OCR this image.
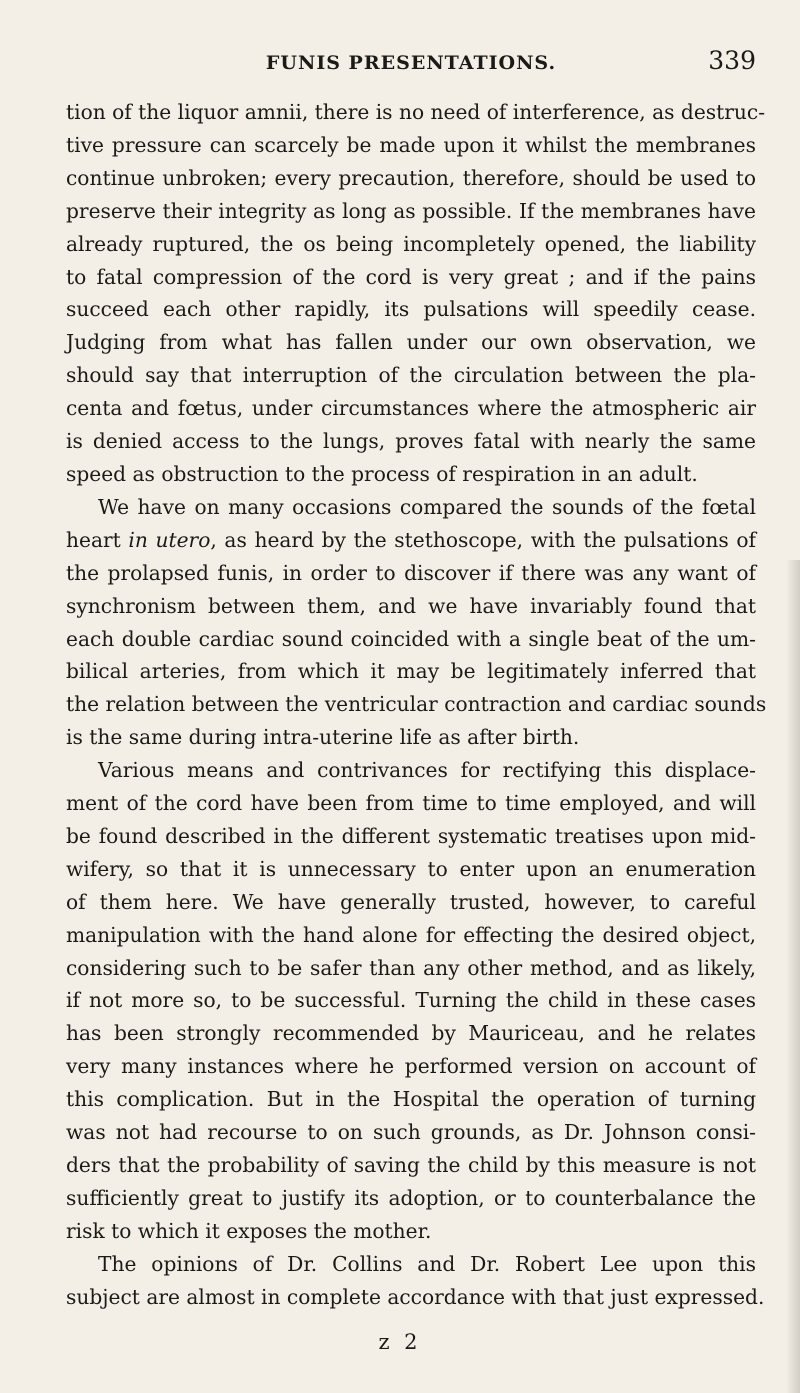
FUNIS PRESENTATIONS.	339
tion of the liquor amnii, there is no need of interference, as destruc-
tive pressure can scarcely be made upon it whilst the membranes
continue unbroken; every precaution, therefore, should be used to
preserve their integrity as long as possible. If the membranes have
already ruptured, the os being incompletely opened, the liability
to fatal compression of the cord is very great ; and if the pains
succeed each other rapidly, its pulsations will speedily cease.
Judging from what has fallen under our own observation, we
should say that interruption of the circulation between the pla-
centa and fœtus, under circumstances where the atmospheric air
is denied access to the lungs, proves fatal with nearly the same
speed as obstruction to the process of respiration in an adult.
We have on many occasions compared the sounds of the fœtal
heart in utero, as heard by the stethoscope, with the pulsations of
the prolapsed funis, in order to discover if there was any want of
synchronism between them, and we have invariably found that
each double cardiac sound coincided with a single beat of the um-
bilical arteries, from which it may be legitimately inferred that
the relation between the ventricular contraction and cardiac sounds
is the same during intra-uterine life as after birth.
Various means and contrivances for rectifying this displace-
ment of the cord have been from time to time employed, and will
be found described in the different systematic treatises upon mid-
wifery, so that it is unnecessary to enter upon an enumeration
of them here. We have generally trusted, however, to careful
manipulation with the hand alone for effecting the desired object,
considering such to be safer than any other method, and as likely,
if not more so, to be successful. Turning the child in these cases
has been strongly recommended by Mauriceau, and he relates
very many instances where he performed version on account of
this complication. But in the Hospital the operation of turning
was not had recourse to on such grounds, as Dr. Johnson consi-
ders that the probability of saving the child by this measure is not
sufficiently great to justify its adoption, or to counterbalance the
risk to which it exposes the mother.
The opinions of Dr. Collins and Dr. Robert Lee upon this
subject are almost in complete accordance with that just expressed.
z 2
